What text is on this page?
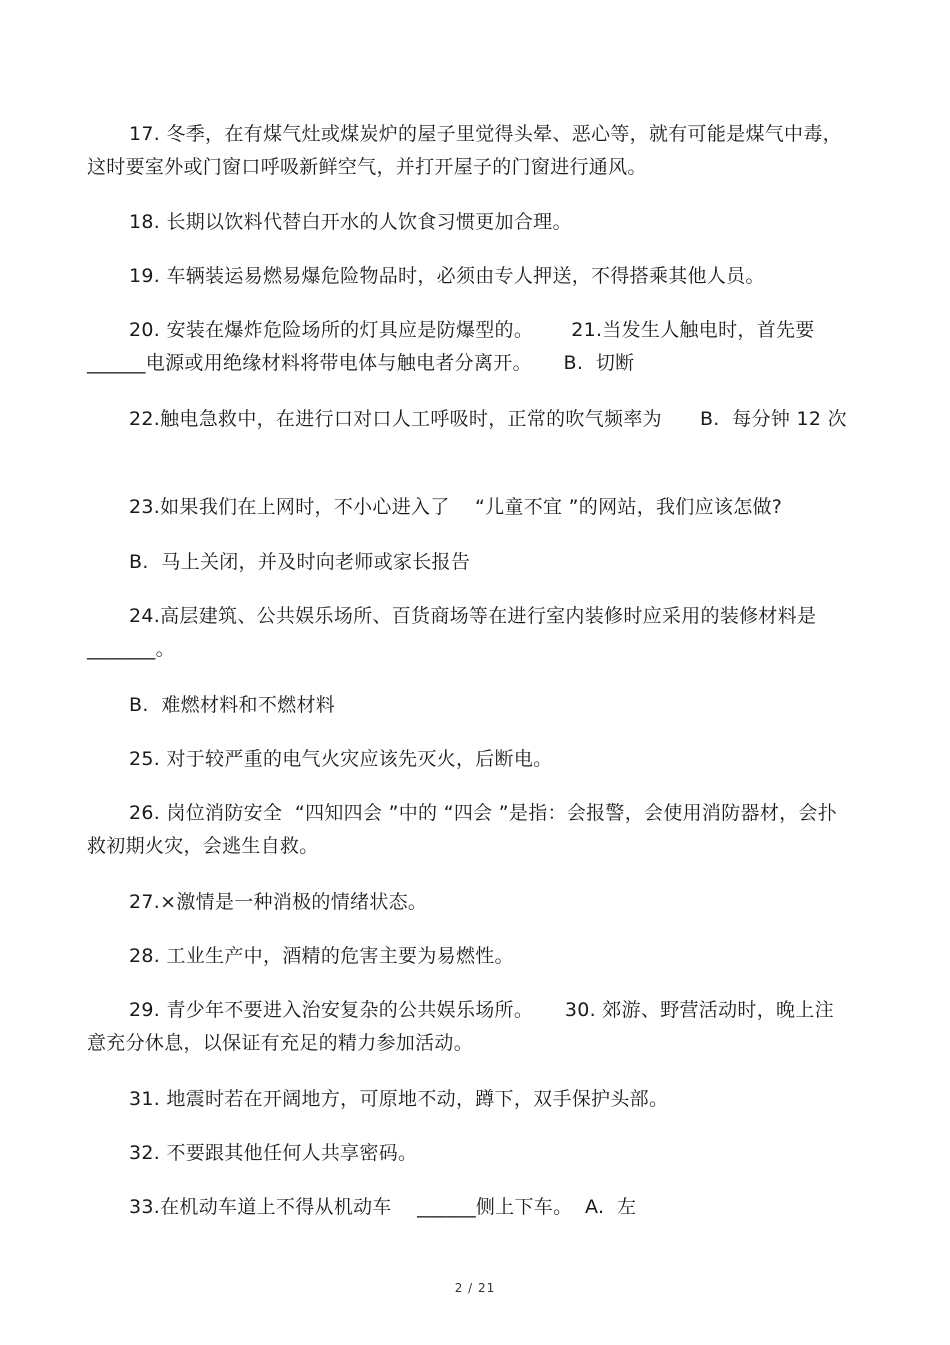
17. 冬季，在有煤气灶或煤炭炉的屋子里觉得头晕、恶心等，就有可能是煤气中毒，这时要室外或门窗口呼吸新鲜空气，并打开屋子的门窗进行通风。

18. 长期以饮料代替白开水的人饮食习惯更加合理。

19. 车辆装运易燃易爆危险物品时，必须由专人押送，不得搭乘其他人员。

20. 安装在爆炸危险场所的灯具应是防爆型的。      21.当发生人触电时，首先要______电源或用绝缘材料将带电体与触电者分离开。     B.  切断

22.触电急救中，在进行口对口人工呼吸时，正常的吹气频率为      B.  每分钟 12 次

23.如果我们在上网时，不小心进入了    “儿童不宜 ”的网站，我们应该怎做?

B.  马上关闭，并及时向老师或家长报告

24.高层建筑、公共娱乐场所、百货商场等在进行室内装修时应采用的装修材料是 _______。

B.  难燃材料和不燃材料

25. 对于较严重的电气火灾应该先灭火，后断电。

26. 岗位消防安全  “四知四会 ”中的 “四会 ”是指：会报警，会使用消防器材，会扑救初期火灾，会逃生自救。

27.×激情是一种消极的情绪状态。

28. 工业生产中，酒精的危害主要为易燃性。

29. 青少年不要进入治安复杂的公共娱乐场所。     30. 郊游、野营活动时，晚上注意充分休息，以保证有充足的精力参加活动。

31. 地震时若在开阔地方，可原地不动，蹲下，双手保护头部。

32. 不要跟其他任何人共享密码。

33.在机动车道上不得从机动车    ______侧上下车。  A.  左

2 / 21
